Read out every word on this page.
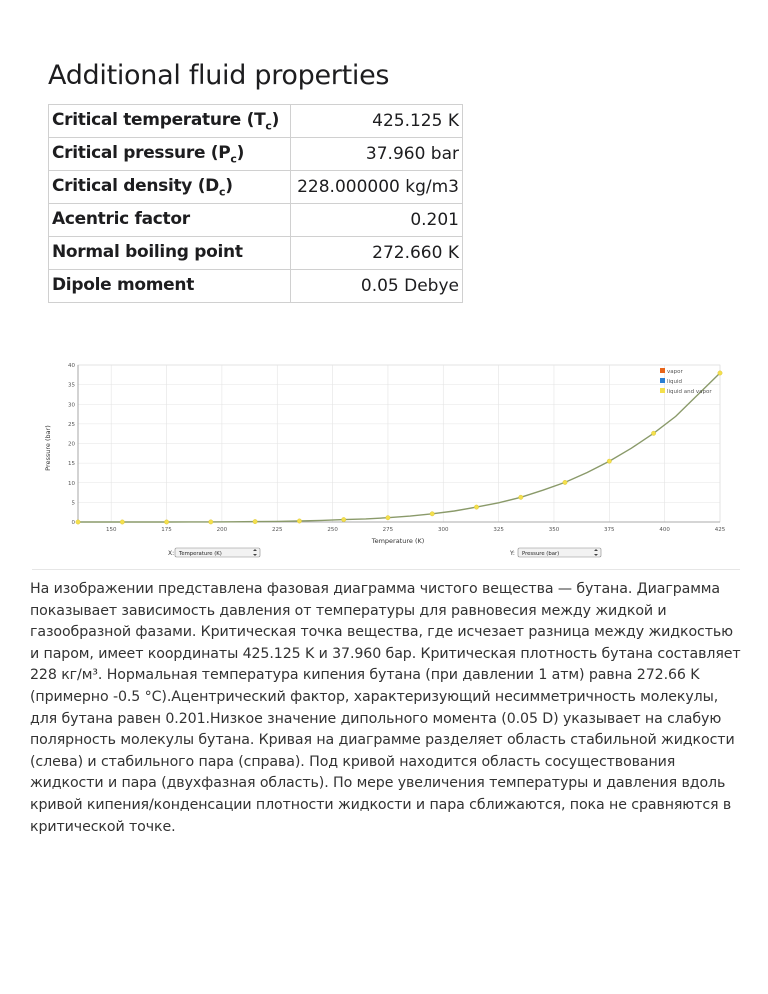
Additional fluid properties
Critical temperature $(T_c)$	425.125 K
Critical pressure $(P_c)$	37.960 bar
Critical density $(D_c)$	228.000000 kg/m3
Acentric factor	0.201
Normal boiling point	272.660 K
Dipole moment	0.05 Debye
0
5
10
15
20
25
30
35
40
150	175	200	225	250	275	300	325	350	375	400	425
vapor
liquid
liquid and vapor
Temperature (K)
Pressure (bar)
X: Temperature (K)	Y: Pressure (bar)

На изображении представлена фазовая диаграмма чистого вещества — бутана. Диаграмма показывает зависимость давления от температуры для равновесия между жидкой и газообразной фазами. Критическая точка вещества, где исчезает разница между жидкостью и паром, имеет координаты 425.125 K и 37.960 бар. Критическая плотность бутана составляет 228 кг/м³. Нормальная температура кипения бутана (при давлении 1 атм) равна 272.66 K (примерно -0.5 °C).Ацентрический фактор, характеризующий несимметричность молекулы, для бутана равен 0.201.Низкое значение дипольного момента (0.05 D) указывает на слабую полярность молекулы бутана. Кривая на диаграмме разделяет область стабильной жидкости (слева) и стабильного пара (справа). Под кривой находится область сосуществования жидкости и пара (двухфазная область). По мере увеличения температуры и давления вдоль кривой кипения/конденсации плотности жидкости и пара сближаются, пока не сравняются в критической точке.
